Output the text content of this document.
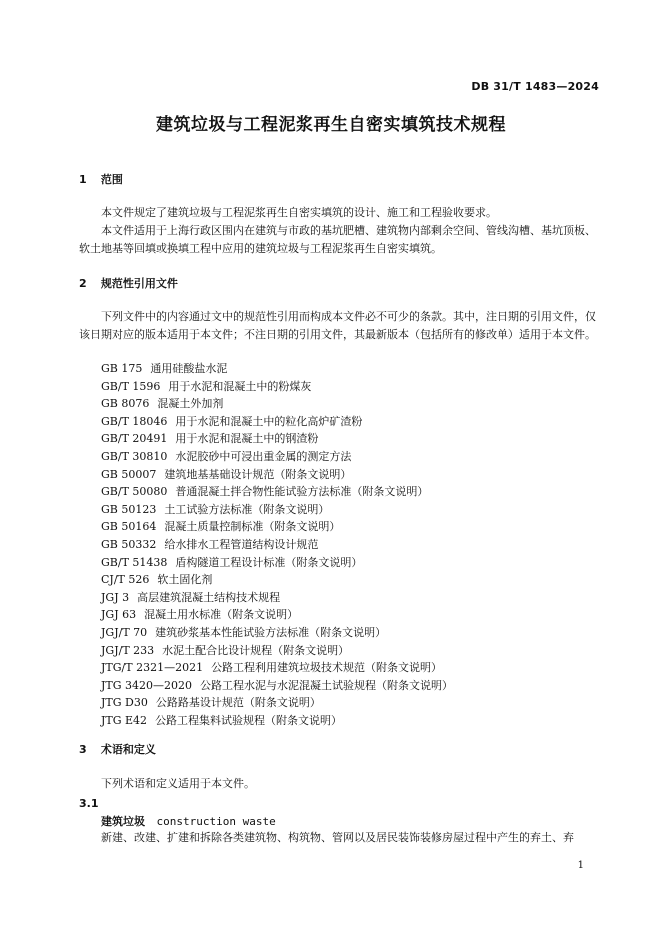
DB 31/T 1483—2024
建筑垃圾与工程泥浆再生自密实填筑技术规程
1 范围
本文件规定了建筑垃圾与工程泥浆再生自密实填筑的设计、施工和工程验收要求。
本文件适用于上海行政区围内在建筑与市政的基坑肥槽、建筑物内部剩余空间、管线沟槽、基坑顶板、软土地基等回填或换填工程中应用的建筑垃圾与工程泥浆再生自密实填筑。
2 规范性引用文件
下列文件中的内容通过文中的规范性引用而构成本文件必不可少的条款。其中，注日期的引用文件，仅该日期对应的版本适用于本文件；不注日期的引用文件，其最新版本（包括所有的修改单）适用于本文件。
GB 175 通用硅酸盐水泥
GB/T 1596 用于水泥和混凝土中的粉煤灰
GB 8076 混凝土外加剂
GB/T 18046 用于水泥和混凝土中的粒化高炉矿渣粉
GB/T 20491 用于水泥和混凝土中的钢渣粉
GB/T 30810 水泥胶砂中可浸出重金属的测定方法
GB 50007 建筑地基基础设计规范（附条文说明）
GB/T 50080 普通混凝土拌合物性能试验方法标准（附条文说明）
GB 50123 土工试验方法标准（附条文说明）
GB 50164 混凝土质量控制标准（附条文说明）
GB 50332 给水排水工程管道结构设计规范
GB/T 51438 盾构隧道工程设计标准（附条文说明）
CJ/T 526 软土固化剂
JGJ 3 高层建筑混凝土结构技术规程
JGJ 63 混凝土用水标准（附条文说明）
JGJ/T 70 建筑砂浆基本性能试验方法标准（附条文说明）
JGJ/T 233 水泥土配合比设计规程（附条文说明）
JTG/T 2321—2021 公路工程利用建筑垃圾技术规范（附条文说明）
JTG 3420—2020 公路工程水泥与水泥混凝土试验规程（附条文说明）
JTG D30 公路路基设计规范（附条文说明）
JTG E42 公路工程集料试验规程（附条文说明）
3 术语和定义
下列术语和定义适用于本文件。
3.1
建筑垃圾 construction waste
新建、改建、扩建和拆除各类建筑物、构筑物、管网以及居民装饰装修房屋过程中产生的弃土、弃
1
